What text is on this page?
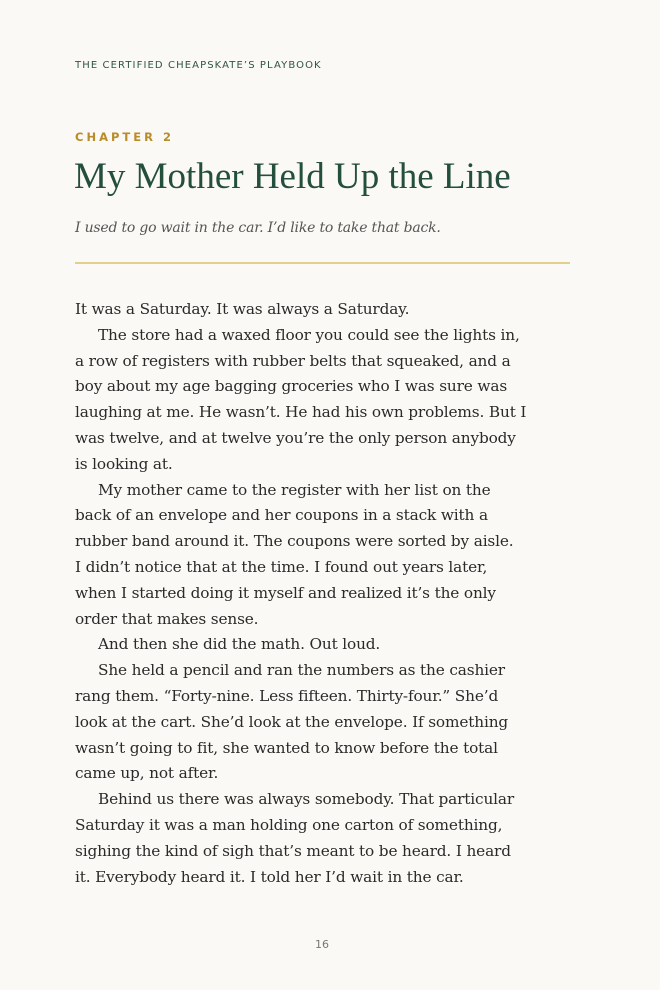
THE CERTIFIED CHEAPSKATE’S PLAYBOOK
CHAPTER 2
My Mother Held Up the Line
I used to go wait in the car. I’d like to take that back.
It was a Saturday. It was always a Saturday.
The store had a waxed floor you could see the lights in,
a row of registers with rubber belts that squeaked, and a
boy about my age bagging groceries who I was sure was
laughing at me. He wasn’t. He had his own problems. But I
was twelve, and at twelve you’re the only person anybody
is looking at.
My mother came to the register with her list on the
back of an envelope and her coupons in a stack with a
rubber band around it. The coupons were sorted by aisle.
I didn’t notice that at the time. I found out years later,
when I started doing it myself and realized it’s the only
order that makes sense.
And then she did the math. Out loud.
She held a pencil and ran the numbers as the cashier
rang them. “Forty-nine. Less fifteen. Thirty-four.” She’d
look at the cart. She’d look at the envelope. If something
wasn’t going to fit, she wanted to know before the total
came up, not after.
Behind us there was always somebody. That particular
Saturday it was a man holding one carton of something,
sighing the kind of sigh that’s meant to be heard. I heard
it. Everybody heard it. I told her I’d wait in the car.
16
